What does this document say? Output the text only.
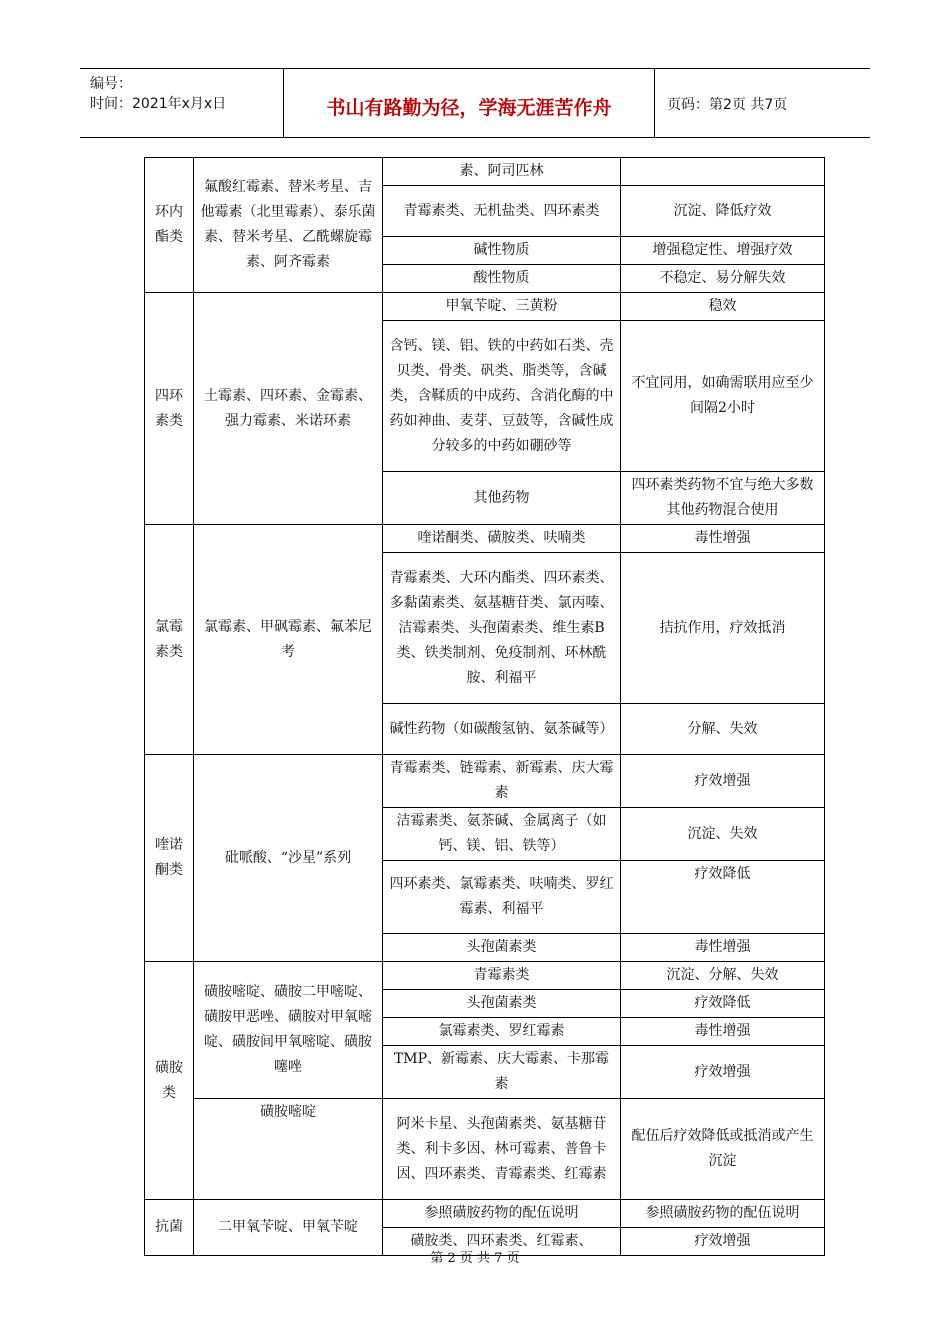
编号：
时间：2021年x月x日	书山有路勤为径，学海无涯苦作舟	页码：第2页 共7页
环内酯类	氟酸红霉素、替米考星、吉他霉素（北里霉素）、泰乐菌素、替米考星、乙酰螺旋霉素、阿齐霉素	素、阿司匹林	
		青霉素类、无机盐类、四环素类	沉淀、降低疗效
		碱性物质	增强稳定性、增强疗效
		酸性物质	不稳定、易分解失效
四环素类	土霉素、四环素、金霉素、强力霉素、米诺环素	甲氧苄啶、三黄粉	稳效
		含钙、镁、铝、铁的中药如石类、壳贝类、骨类、矾类、脂类等，含碱类，含鞣质的中成药、含消化酶的中药如神曲、麦芽、豆鼓等，含碱性成分较多的中药如硼砂等	不宜同用，如确需联用应至少间隔2小时
		其他药物	四环素类药物不宜与绝大多数其他药物混合使用
氯霉素类	氯霉素、甲砜霉素、氟苯尼考	喹诺酮类、磺胺类、呋喃类	毒性增强
		青霉素类、大环内酯类、四环素类、多黏菌素类、氨基糖苷类、氯丙嗪、洁霉素类、头孢菌素类、维生素B类、铁类制剂、免疫制剂、环林酰胺、利福平	拮抗作用，疗效抵消
		碱性药物（如碳酸氢钠、氨茶碱等）	分解、失效
喹诺酮类	砒哌酸、“沙星”系列	青霉素类、链霉素、新霉素、庆大霉素	疗效增强
		洁霉素类、氨茶碱、金属离子（如钙、镁、铝、铁等）	沉淀、失效
		四环素类、氯霉素类、呋喃类、罗红霉素、利福平	疗效降低
		头孢菌素类	毒性增强
磺胺类	磺胺嘧啶、磺胺二甲嘧啶、磺胺甲恶唑、磺胺对甲氧嘧啶、磺胺间甲氧嘧啶、磺胺噻唑	青霉素类	沉淀、分解、失效
		头孢菌素类	疗效降低
		氯霉素类、罗红霉素	毒性增强
		TMP、新霉素、庆大霉素、卡那霉素	疗效增强
	磺胺嘧啶	阿米卡星、头孢菌素类、氨基糖苷类、利卡多因、林可霉素、普鲁卡因、四环素类、青霉素类、红霉素	配伍后疗效降低或抵消或产生沉淀
抗菌	二甲氧苄啶、甲氧苄啶	参照磺胺药物的配伍说明	参照磺胺药物的配伍说明
		磺胺类、四环素类、红霉素、	疗效增强
第 2 页 共 7 页
